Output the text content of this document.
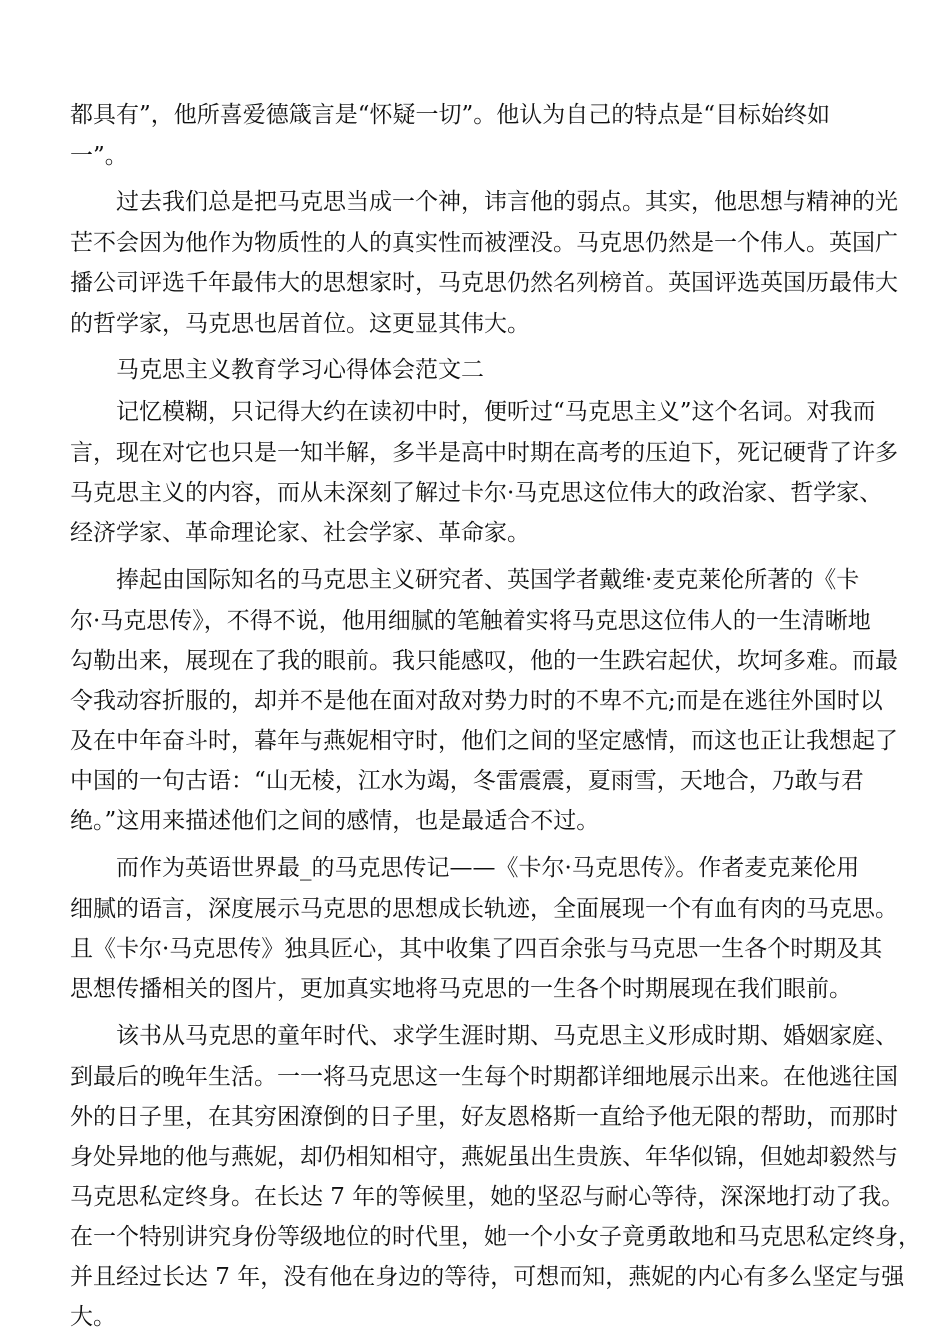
都具有”，他所喜爱德箴言是“怀疑一切”。他认为自己的特点是“目标始终如
一”。
过去我们总是把马克思当成一个神，讳言他的弱点。其实，他思想与精神的光
芒不会因为他作为物质性的人的真实性而被湮没。马克思仍然是一个伟人。英国广
播公司评选千年最伟大的思想家时，马克思仍然名列榜首。英国评选英国历最伟大
的哲学家，马克思也居首位。这更显其伟大。
马克思主义教育学习心得体会范文二
记忆模糊，只记得大约在读初中时，便听过“马克思主义”这个名词。对我而
言，现在对它也只是一知半解，多半是高中时期在高考的压迫下，死记硬背了许多
马克思主义的内容，而从未深刻了解过卡尔·马克思这位伟大的政治家、哲学家、
经济学家、革命理论家、社会学家、革命家。
捧起由国际知名的马克思主义研究者、英国学者戴维·麦克莱伦所著的《卡
尔·马克思传》，不得不说，他用细腻的笔触着实将马克思这位伟人的一生清晰地
勾勒出来，展现在了我的眼前。我只能感叹，他的一生跌宕起伏，坎坷多难。而最
令我动容折服的，却并不是他在面对敌对势力时的不卑不亢;而是在逃往外国时以
及在中年奋斗时，暮年与燕妮相守时，他们之间的坚定感情，而这也正让我想起了
中国的一句古语：“山无棱，江水为竭，冬雷震震，夏雨雪，天地合，乃敢与君
绝。”这用来描述他们之间的感情，也是最适合不过。
而作为英语世界最_的马克思传记——《卡尔·马克思传》。作者麦克莱伦用
细腻的语言，深度展示马克思的思想成长轨迹，全面展现一个有血有肉的马克思。
且《卡尔·马克思传》独具匠心，其中收集了四百余张与马克思一生各个时期及其
思想传播相关的图片，更加真实地将马克思的一生各个时期展现在我们眼前。
该书从马克思的童年时代、求学生涯时期、马克思主义形成时期、婚姻家庭、
到最后的晚年生活。一一将马克思这一生每个时期都详细地展示出来。在他逃往国
外的日子里，在其穷困潦倒的日子里，好友恩格斯一直给予他无限的帮助，而那时
身处异地的他与燕妮，却仍相知相守，燕妮虽出生贵族、年华似锦，但她却毅然与
马克思私定终身。在长达 7 年的等候里，她的坚忍与耐心等待，深深地打动了我。
在一个特别讲究身份等级地位的时代里，她一个小女子竟勇敢地和马克思私定终身，
并且经过长达 7 年，没有他在身边的等待，可想而知，燕妮的内心有多么坚定与强
大。
